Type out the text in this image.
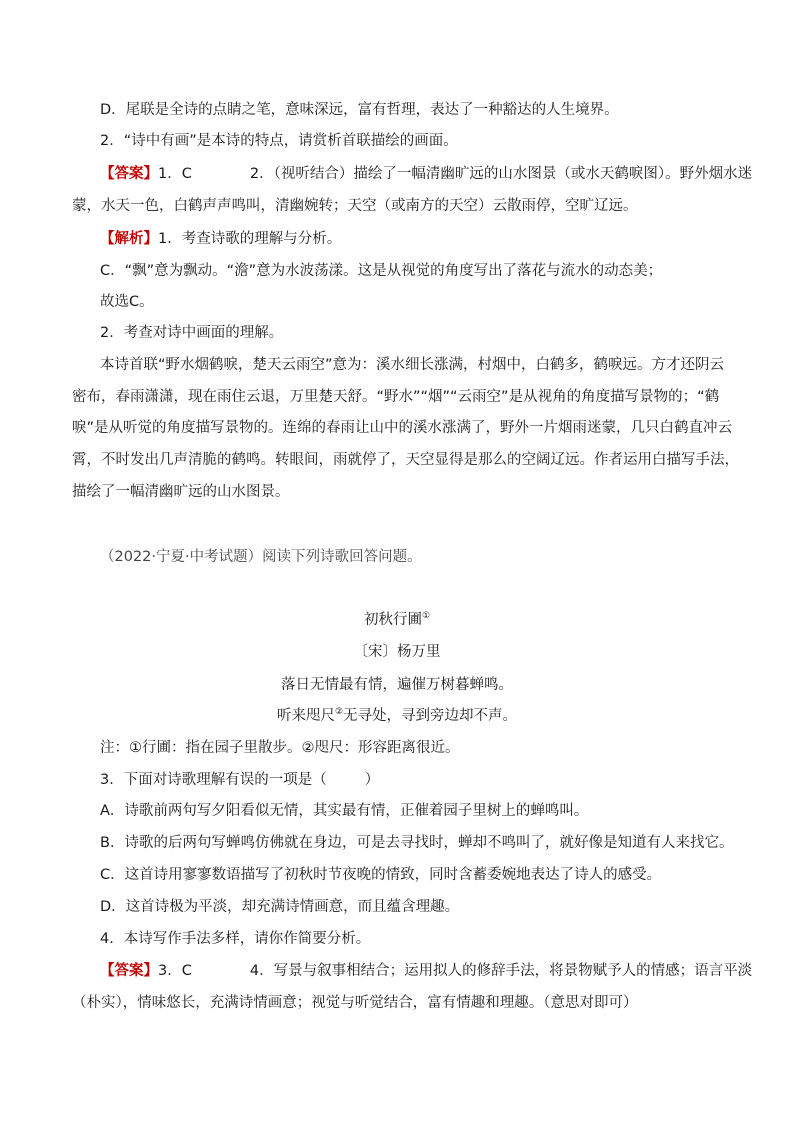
D．尾联是全诗的点睛之笔，意味深远，富有哲理，表达了一种豁达的人生境界。
2．“诗中有画”是本诗的特点，请赏析首联描绘的画面。
【答案】1．C	2．（视听结合）描绘了一幅清幽旷远的山水图景（或水天鹤唳图）。野外烟水迷
蒙，水天一色，白鹤声声鸣叫，清幽婉转；天空（或南方的天空）云散雨停，空旷辽远。
【解析】1．考查诗歌的理解与分析。
C．“飘”意为飘动。“澹”意为水波荡漾。这是从视觉的角度写出了落花与流水的动态美；
故选C。
2．考查对诗中画面的理解。
本诗首联“野水烟鹤唳，楚天云雨空”意为：溪水细长涨满，村烟中，白鹤多，鹤唳远。方才还阴云
密布，春雨潇潇，现在雨住云退，万里楚天舒。“野水”“烟”“云雨空”是从视角的角度描写景物的；“鹤
唳”是从听觉的角度描写景物的。连绵的春雨让山中的溪水涨满了，野外一片烟雨迷蒙，几只白鹤直冲云
霄，不时发出几声清脆的鹤鸣。转眼间，雨就停了，天空显得是那么的空阔辽远。作者运用白描写手法，
描绘了一幅清幽旷远的山水图景。
（2022·宁夏·中考试题）阅读下列诗歌回答问题。
初秋行圃①
〔宋〕杨万里
落日无情最有情，遍催万树暮蝉鸣。
听来咫尺②无寻处，寻到旁边却不声。
注：①行圃：指在园子里散步。②咫尺：形容距离很近。
3．下面对诗歌理解有误的一项是（	）
A．诗歌前两句写夕阳看似无情，其实最有情，正催着园子里树上的蝉鸣叫。
B．诗歌的后两句写蝉鸣仿佛就在身边，可是去寻找时，蝉却不鸣叫了，就好像是知道有人来找它。
C．这首诗用寥寥数语描写了初秋时节夜晚的情致，同时含蓄委婉地表达了诗人的感受。
D．这首诗极为平淡，却充满诗情画意，而且蕴含理趣。
4．本诗写作手法多样，请你作简要分析。
【答案】3．C	4．写景与叙事相结合；运用拟人的修辞手法，将景物赋予人的情感；语言平淡
（朴实），情味悠长，充满诗情画意；视觉与听觉结合，富有情趣和理趣。（意思对即可）
